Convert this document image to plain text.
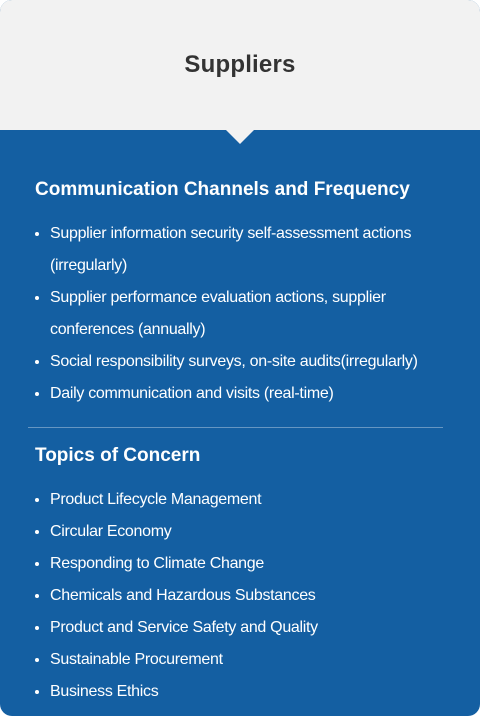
Suppliers
Communication Channels and Frequency
Supplier information security self-assessment actions (irregularly)
Supplier performance evaluation actions, supplier conferences (annually)
Social responsibility surveys, on-site audits(irregularly)
Daily communication and visits (real-time)
Topics of Concern
Product Lifecycle Management
Circular Economy
Responding to Climate Change
Chemicals and Hazardous Substances
Product and Service Safety and Quality
Sustainable Procurement
Business Ethics
